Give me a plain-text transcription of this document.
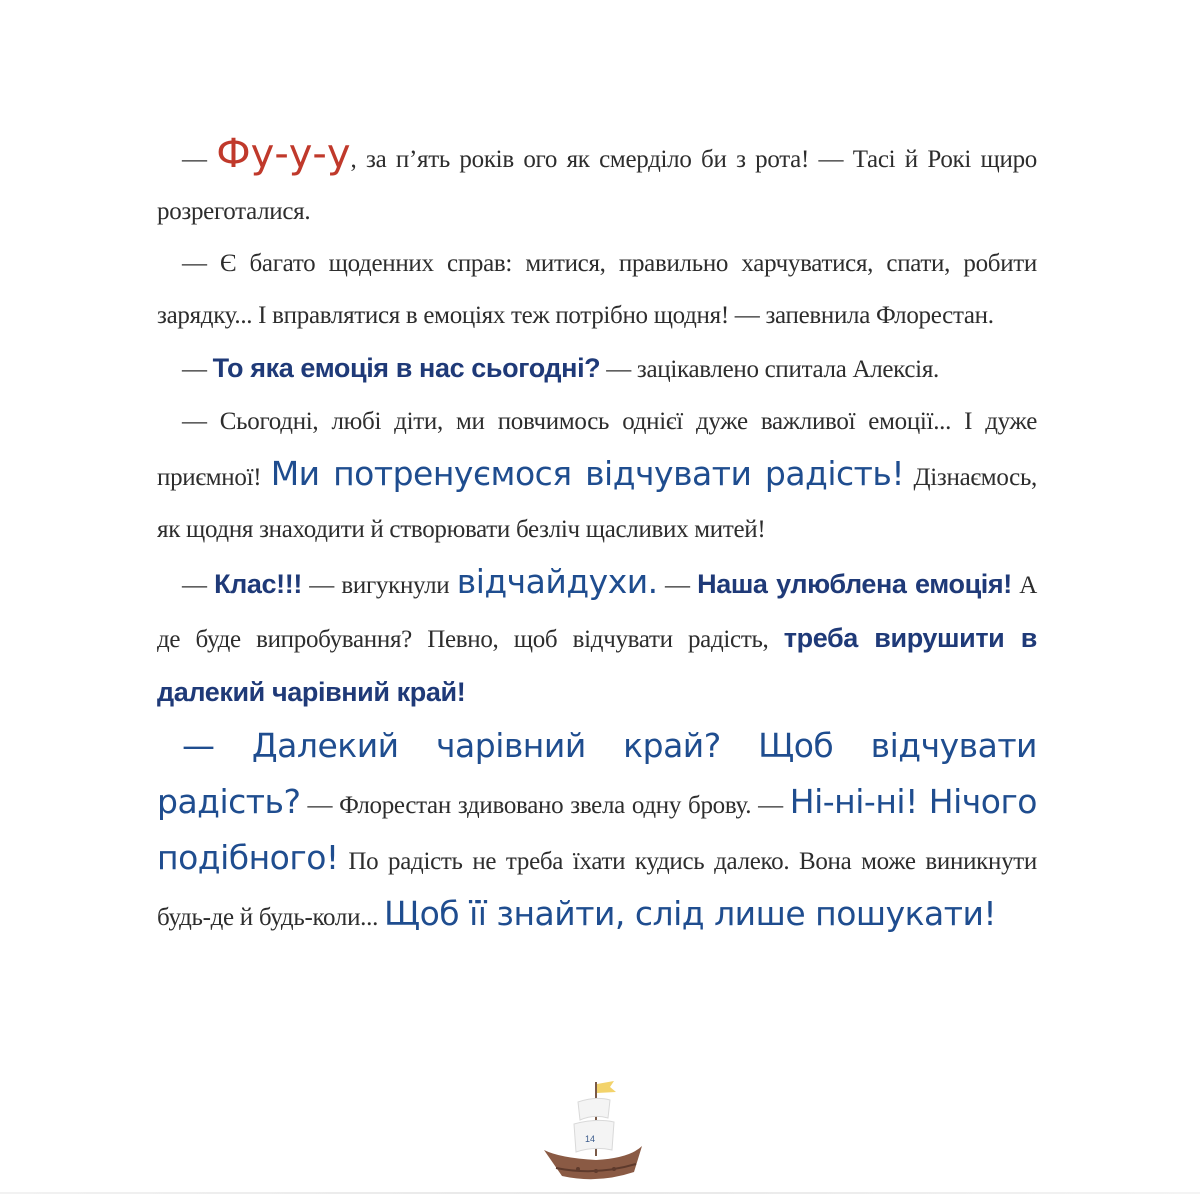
— Фу-у-у, за п’ять років ого як смерділо би з рота! — Тасі й Рокі щиро розреготалися.

— Є багато щоденних справ: митися, правильно харчуватися, спати, робити зарядку... І вправлятися в емоціях теж потрібно щодня! — запевнила Флорестан.

— То яка емоція в нас сьогодні? — зацікавлено спитала Алексія.

— Сьогодні, любі діти, ми повчимось однієї дуже важливої емоції... І дуже приємної! Ми потренуємося відчувати радість! Дізнаємось, як щодня знаходити й створювати безліч щасливих митей!

— Клас!!! — вигукнули відчайдухи. — Наша улюблена емоція! А де буде випробування? Певно, щоб відчувати радість, треба вирушити в далекий чарівний край!

— Далекий чарівний край? Щоб відчувати радість? — Флорестан здивовано звела одну брову. — Ні-ні-ні! Нічого подібного! По радість не треба їхати кудись далеко. Вона може виникнути будь-де й будь-коли... Щоб її знайти, слід лише пошукати!

14
